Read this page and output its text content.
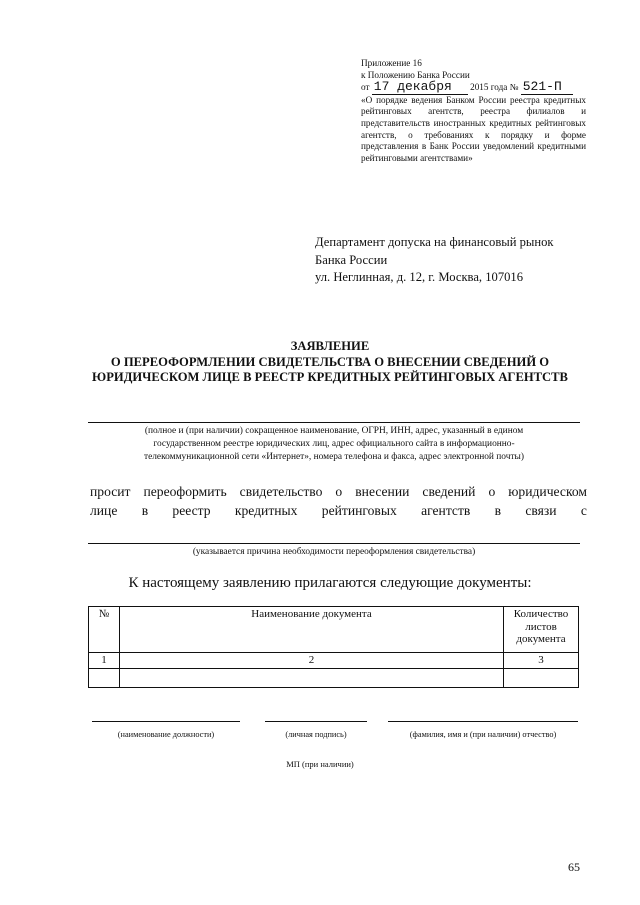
Приложение 16
к Положению Банка России
от 17 декабря 2015 года № 521-П
«О порядке ведения Банком России реестра кредитных рейтинговых агентств, реестра филиалов и представительств иностранных кредитных рейтинговых агентств, о требованиях к порядку и форме представления в Банк России уведомлений кредитными рейтинговыми агентствами»
Департамент допуска на финансовый рынок
Банка России
ул. Неглинная, д. 12, г. Москва, 107016
ЗАЯВЛЕНИЕ
О ПЕРЕОФОРМЛЕНИИ СВИДЕТЕЛЬСТВА О ВНЕСЕНИИ СВЕДЕНИЙ О
ЮРИДИЧЕСКОМ ЛИЦЕ В РЕЕСТР КРЕДИТНЫХ РЕЙТИНГОВЫХ АГЕНТСТВ
(полное и (при наличии) сокращенное наименование, ОГРН, ИНН, адрес, указанный в едином
государственном реестре юридических лиц, адрес официального сайта в информационно-
телекоммуникационной сети «Интернет», номера телефона и факса, адрес электронной почты)
просит переоформить свидетельство о внесении сведений о юридическом
лице в реестр кредитных рейтинговых агентств в связи с
(указывается причина необходимости переоформления свидетельства)
К настоящему заявлению прилагаются следующие документы:
№	Наименование документа	Количество листов документа
1	2	3

(наименование должности)	(личная подпись)	(фамилия, имя и (при наличии) отчество)
МП (при наличии)
65
